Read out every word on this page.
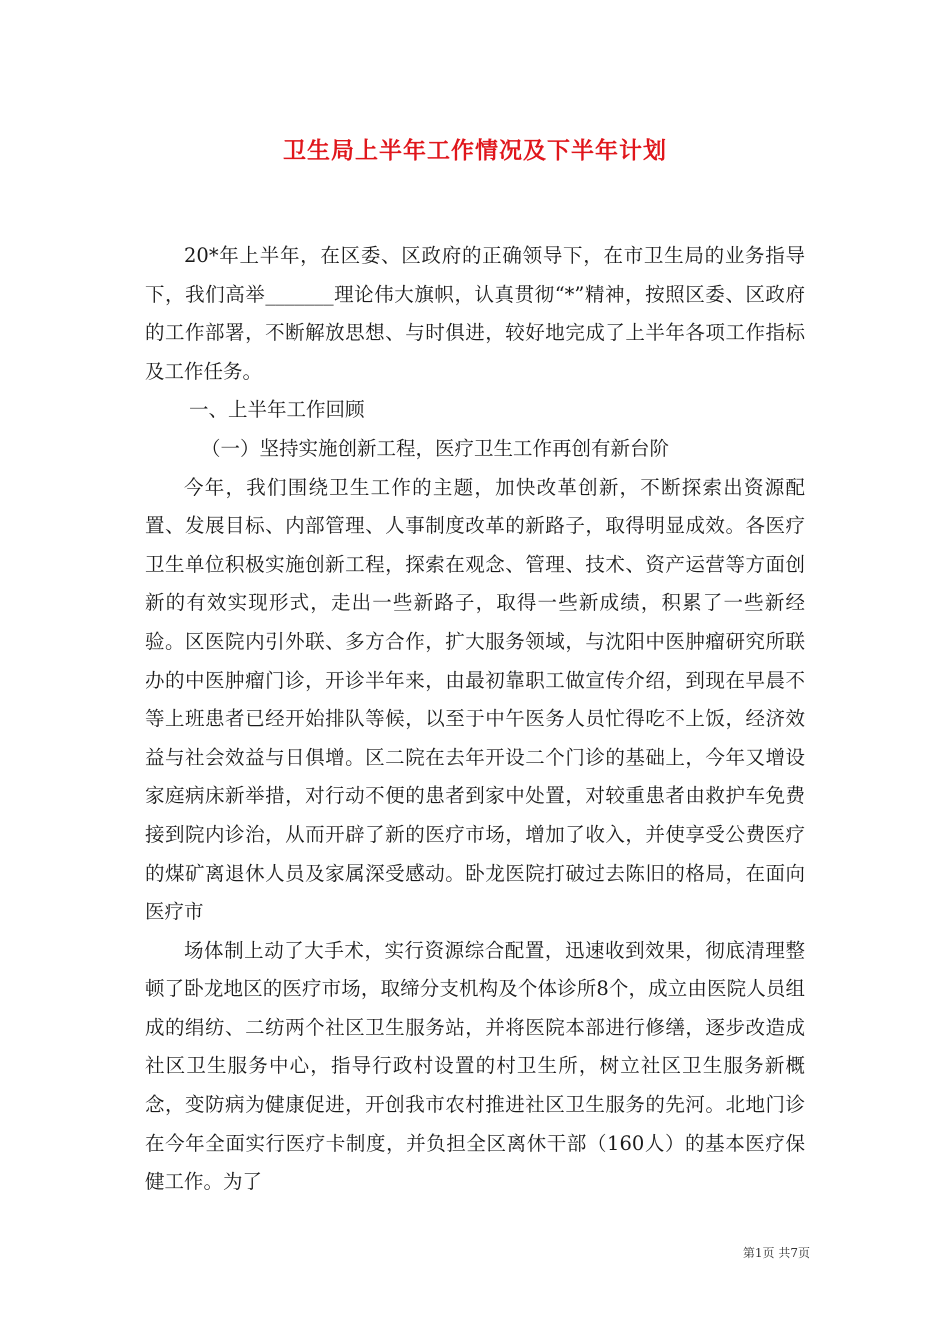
卫生局上半年工作情况及下半年计划

20*年上半年，在区委、区政府的正确领导下，在市卫生局的业务指导下，我们高举_______理论伟大旗帜，认真贯彻“*”精神，按照区委、区政府的工作部署，不断解放思想、与时俱进，较好地完成了上半年各项工作指标及工作任务。

一、上半年工作回顾

（一）坚持实施创新工程，医疗卫生工作再创有新台阶

今年，我们围绕卫生工作的主题，加快改革创新，不断探索出资源配置、发展目标、内部管理、人事制度改革的新路子，取得明显成效。各医疗卫生单位积极实施创新工程，探索在观念、管理、技术、资产运营等方面创新的有效实现形式，走出一些新路子，取得一些新成绩，积累了一些新经验。区医院内引外联、多方合作，扩大服务领域，与沈阳中医肿瘤研究所联办的中医肿瘤门诊，开诊半年来，由最初靠职工做宣传介绍，到现在早晨不等上班患者已经开始排队等候，以至于中午医务人员忙得吃不上饭，经济效益与社会效益与日俱增。区二院在去年开设二个门诊的基础上，今年又增设家庭病床新举措，对行动不便的患者到家中处置，对较重患者由救护车免费接到院内诊治，从而开辟了新的医疗市场，增加了收入，并使享受公费医疗的煤矿离退休人员及家属深受感动。卧龙医院打破过去陈旧的格局，在面向医疗市

场体制上动了大手术，实行资源综合配置，迅速收到效果，彻底清理整顿了卧龙地区的医疗市场，取缔分支机构及个体诊所8个，成立由医院人员组成的绢纺、二纺两个社区卫生服务站，并将医院本部进行修缮，逐步改造成社区卫生服务中心，指导行政村设置的村卫生所，树立社区卫生服务新概念，变防病为健康促进，开创我市农村推进社区卫生服务的先河。北地门诊在今年全面实行医疗卡制度，并负担全区离休干部（160人）的基本医疗保健工作。为了

第1页 共7页
